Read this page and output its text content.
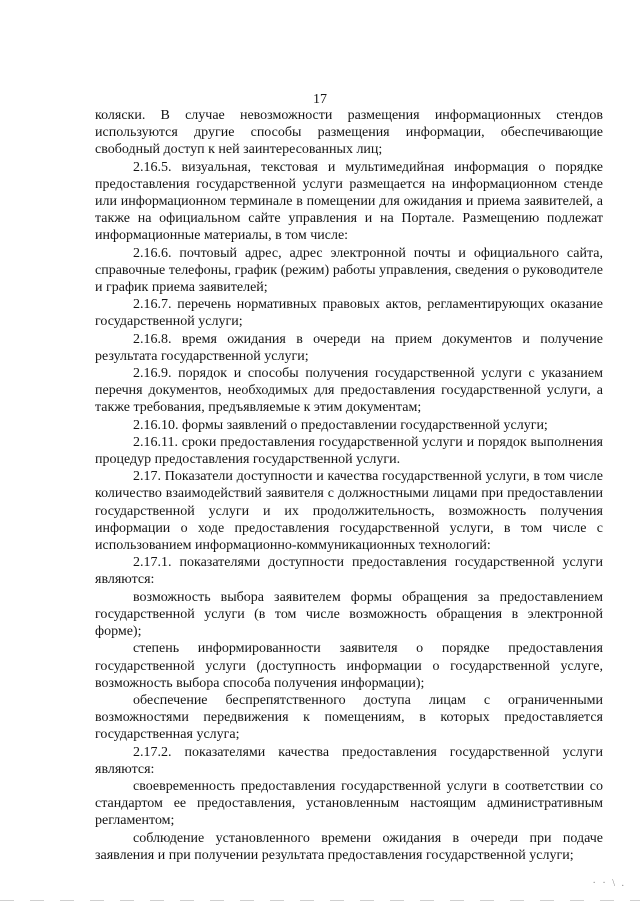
17

коляски. В случае невозможности размещения информационных стендов используются другие способы размещения информации, обеспечивающие свободный доступ к ней заинтересованных лиц;

2.16.5. визуальная, текстовая и мультимедийная информация о порядке предоставления государственной услуги размещается на информационном стенде или информационном терминале в помещении для ожидания и приема заявителей, а также на официальном сайте управления и на Портале. Размещению подлежат информационные материалы, в том числе:

2.16.6. почтовый адрес, адрес электронной почты и официального сайта, справочные телефоны, график (режим) работы управления, сведения о руководителе и график приема заявителей;

2.16.7. перечень нормативных правовых актов, регламентирующих оказание государственной услуги;

2.16.8. время ожидания в очереди на прием документов и получение результата государственной услуги;

2.16.9. порядок и способы получения государственной услуги с указанием перечня документов, необходимых для предоставления государственной услуги, а также требования, предъявляемые к этим документам;

2.16.10. формы заявлений о предоставлении государственной услуги;

2.16.11. сроки предоставления государственной услуги и порядок выполнения процедур предоставления государственной услуги.

2.17. Показатели доступности и качества государственной услуги, в том числе количество взаимодействий заявителя с должностными лицами при предоставлении государственной услуги и их продолжительность, возможность получения информации о ходе предоставления государственной услуги, в том числе с использованием информационно-коммуникационных технологий:

2.17.1. показателями доступности предоставления государственной услуги являются:

возможность выбора заявителем формы обращения за предоставлением государственной услуги (в том числе возможность обращения в электронной форме);

степень информированности заявителя о порядке предоставления государственной услуги (доступность информации о государственной услуге, возможность выбора способа получения информации);

обеспечение беспрепятственного доступа лицам с ограниченными возможностями передвижения к помещениям, в которых предоставляется государственная услуга;

2.17.2. показателями качества предоставления государственной услуги являются:

своевременность предоставления государственной услуги в соответствии со стандартом ее предоставления, установленным настоящим административным регламентом;

соблюдение установленного времени ожидания в очереди при подаче заявления и при получении результата предоставления государственной услуги;

· · \ .
